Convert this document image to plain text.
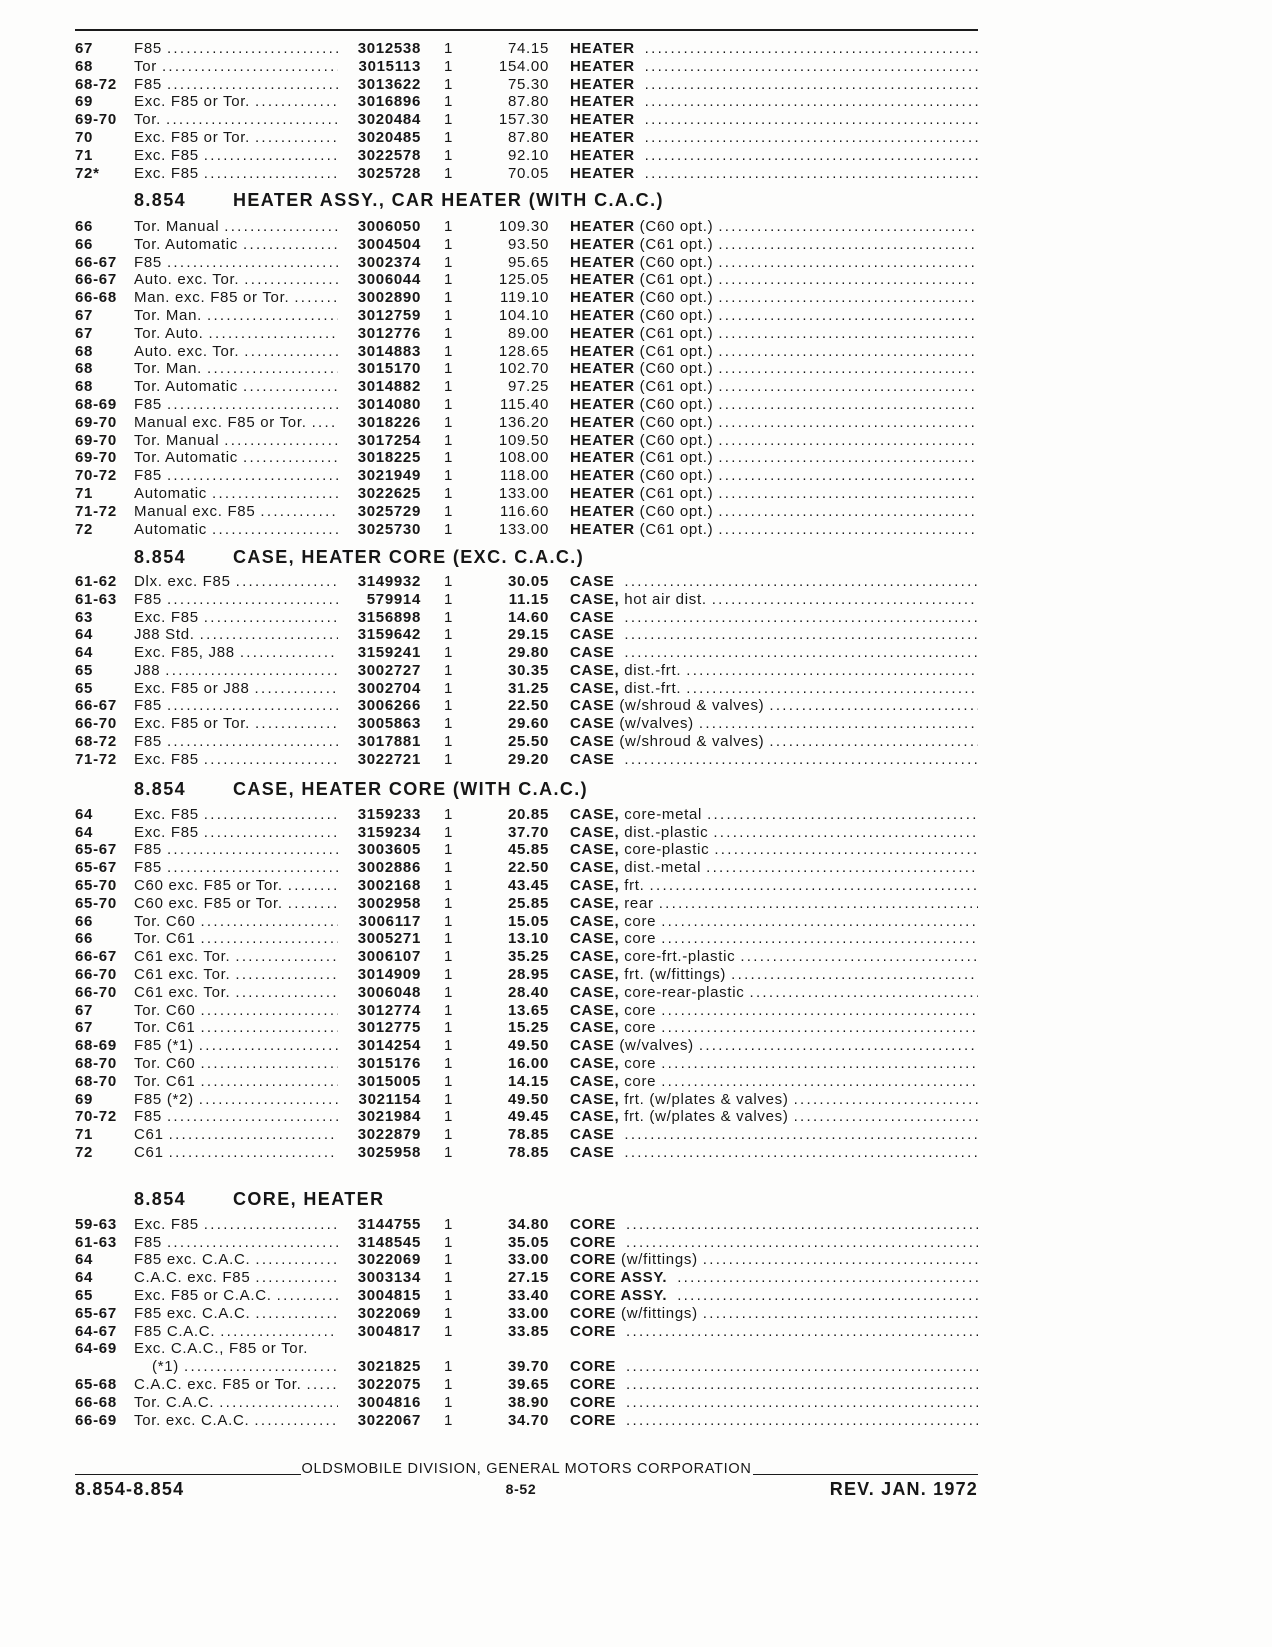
67	F85 .....	3012538 1	74.15 HEATER .....
68	Tor .....	3015113 1	154.00 HEATER .....
68-72	F85 .....	3013622 1	75.30 HEATER .....
69	Exc. F85 or Tor. .....	3016896 1	87.80 HEATER .....
69-70	Tor. .....	3020484 1	157.30 HEATER .....
70	Exc. F85 or Tor. .....	3020485 1	87.80 HEATER .....
71	Exc. F85 .....	3022578 1	92.10 HEATER .....
72*	Exc. F85 .....	3025728 1	70.05 HEATER .....
8.854	HEATER ASSY., CAR HEATER (WITH C.A.C.)
66	Tor. Manual .....	3006050 1	109.30 HEATER (C60 opt.) .....
66	Tor. Automatic .....	3004504 1	93.50 HEATER (C61 opt.) .....
66-67	F85 .....	3002374 1	95.65 HEATER (C60 opt.) .....
66-67	Auto. exc. Tor. .....	3006044 1	125.05 HEATER (C61 opt.) .....
66-68	Man. exc. F85 or Tor. .....	3002890 1	119.10 HEATER (C60 opt.) .....
67	Tor. Man. .....	3012759 1	104.10 HEATER (C60 opt.) .....
67	Tor. Auto. .....	3012776 1	89.00 HEATER (C61 opt.) .....
68	Auto. exc. Tor. .....	3014883 1	128.65 HEATER (C61 opt.) .....
68	Tor. Man. .....	3015170 1	102.70 HEATER (C60 opt.) .....
68	Tor. Automatic .....	3014882 1	97.25 HEATER (C61 opt.) .....
68-69	F85 .....	3014080 1	115.40 HEATER (C60 opt.) .....
69-70	Manual exc. F85 or Tor. .....	3018226 1	136.20 HEATER (C60 opt.) .....
69-70	Tor. Manual .....	3017254 1	109.50 HEATER (C60 opt.) .....
69-70	Tor. Automatic .....	3018225 1	108.00 HEATER (C61 opt.) .....
70-72	F85 .....	3021949 1	118.00 HEATER (C60 opt.) .....
71	Automatic .....	3022625 1	133.00 HEATER (C61 opt.) .....
71-72	Manual exc. F85 .....	3025729 1	116.60 HEATER (C60 opt.) .....
72	Automatic .....	3025730 1	133.00 HEATER (C61 opt.) .....
8.854	CASE, HEATER CORE (EXC. C.A.C.)
61-62	Dlx. exc. F85 .....	3149932 1	30.05 CASE .....
61-63	F85 .....	579914 1	11.15 CASE, hot air dist. .....
63	Exc. F85 .....	3156898 1	14.60 CASE .....
64	J88 Std. .....	3159642 1	29.15 CASE .....
64	Exc. F85, J88 .....	3159241 1	29.80 CASE .....
65	J88 .....	3002727 1	30.35 CASE, dist.-frt. .....
65	Exc. F85 or J88 .....	3002704 1	31.25 CASE, dist.-frt. .....
66-67	F85 .....	3006266 1	22.50 CASE (w/shroud & valves) .....
66-70	Exc. F85 or Tor. .....	3005863 1	29.60 CASE (w/valves) .....
68-72	F85 .....	3017881 1	25.50 CASE (w/shroud & valves) .....
71-72	Exc. F85 .....	3022721 1	29.20 CASE .....
8.854	CASE, HEATER CORE (WITH C.A.C.)
64	Exc. F85 .....	3159233 1	20.85 CASE, core-metal .....
64	Exc. F85 .....	3159234 1	37.70 CASE, dist.-plastic .....
65-67	F85 .....	3003605 1	45.85 CASE, core-plastic .....
65-67	F85 .....	3002886 1	22.50 CASE, dist.-metal .....
65-70	C60 exc. F85 or Tor. .....	3002168 1	43.45 CASE, frt. .....
65-70	C60 exc. F85 or Tor. .....	3002958 1	25.85 CASE, rear .....
66	Tor. C60 .....	3006117 1	15.05 CASE, core .....
66	Tor. C61 .....	3005271 1	13.10 CASE, core .....
66-67	C61 exc. Tor. .....	3006107 1	35.25 CASE, core-frt.-plastic .....
66-70	C61 exc. Tor. .....	3014909 1	28.95 CASE, frt. (w/fittings) .....
66-70	C61 exc. Tor. .....	3006048 1	28.40 CASE, core-rear-plastic .....
67	Tor. C60 .....	3012774 1	13.65 CASE, core .....
67	Tor. C61 .....	3012775 1	15.25 CASE, core .....
68-69	F85 (*1) .....	3014254 1	49.50 CASE (w/valves) .....
68-70	Tor. C60 .....	3015176 1	16.00 CASE, core .....
68-70	Tor. C61 .....	3015005 1	14.15 CASE, core .....
69	F85 (*2) .....	3021154 1	49.50 CASE, frt. (w/plates & valves) .....
70-72	F85 .....	3021984 1	49.45 CASE, frt. (w/plates & valves) .....
71	C61 .....	3022879 1	78.85 CASE .....
72	C61 .....	3025958 1	78.85 CASE .....
8.854	CORE, HEATER
59-63	Exc. F85 .....	3144755 1	34.80 CORE .....
61-63	F85 .....	3148545 1	35.05 CORE .....
64	F85 exc. C.A.C. .....	3022069 1	33.00 CORE (w/fittings) .....
64	C.A.C. exc. F85 .....	3003134 1	27.15 CORE ASSY. .....
65	Exc. F85 or C.A.C. .....	3004815 1	33.40 CORE ASSY. .....
65-67	F85 exc. C.A.C. .....	3022069 1	33.00 CORE (w/fittings) .....
64-67	F85 C.A.C. .....	3004817 1	33.85 CORE .....
64-69	Exc. C.A.C., F85 or Tor.
(*1) .....	3021825 1	39.70 CORE .....
65-68	C.A.C. exc. F85 or Tor. .....	3022075 1	39.65 CORE .....
66-68	Tor. C.A.C. .....	3004816 1	38.90 CORE .....
66-69	Tor. exc. C.A.C. .....	3022067 1	34.70 CORE .....
OLDSMOBILE DIVISION, GENERAL MOTORS CORPORATION
8.854-8.854	8-52	REV. JAN. 1972
